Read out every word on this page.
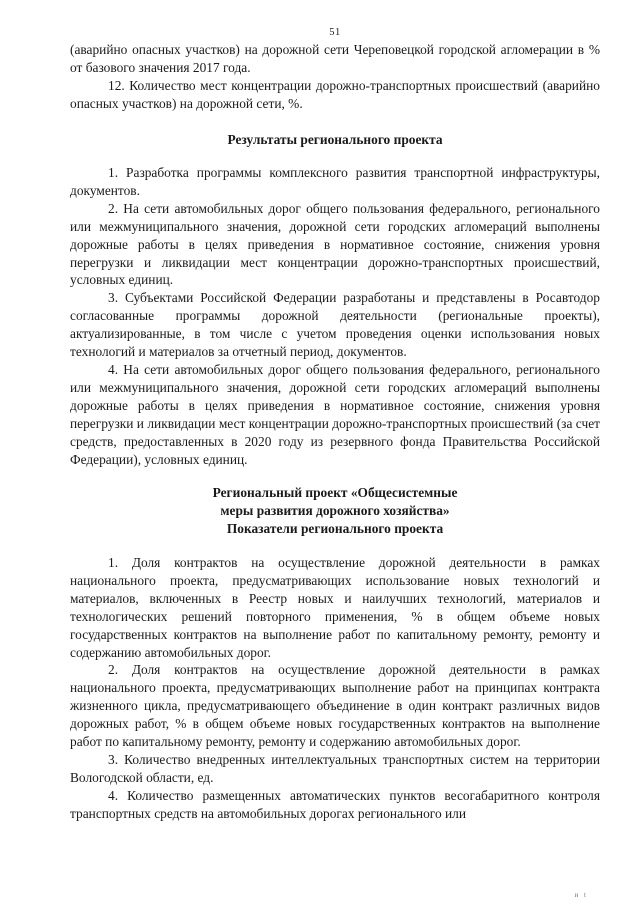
51

(аварийно опасных участков) на дорожной сети Череповецкой городской агломерации в % от базового значения 2017 года.

12. Количество мест концентрации дорожно-транспортных происшествий (аварийно опасных участков) на дорожной сети, %.

Результаты регионального проекта

1. Разработка программы комплексного развития транспортной инфраструктуры, документов.

2. На сети автомобильных дорог общего пользования федерального, регионального или межмуниципального значения, дорожной сети городских агломераций выполнены дорожные работы в целях приведения в нормативное состояние, снижения уровня перегрузки и ликвидации мест концентрации дорожно-транспортных происшествий, условных единиц.

3. Субъектами Российской Федерации разработаны и представлены в Росавтодор согласованные программы дорожной деятельности (региональные проекты), актуализированные, в том числе с учетом проведения оценки использования новых технологий и материалов за отчетный период, документов.

4. На сети автомобильных дорог общего пользования федерального, регионального или межмуниципального значения, дорожной сети городских агломераций выполнены дорожные работы в целях приведения в нормативное состояние, снижения уровня перегрузки и ликвидации мест концентрации дорожно-транспортных происшествий (за счет средств, предоставленных в 2020 году из резервного фонда Правительства Российской Федерации), условных единиц.

Региональный проект «Общесистемные

меры развития дорожного хозяйства»

Показатели регионального проекта

1. Доля контрактов на осуществление дорожной деятельности в рамках национального проекта, предусматривающих использование новых технологий и материалов, включенных в Реестр новых и наилучших технологий, материалов и технологических решений повторного применения, % в общем объеме новых государственных контрактов на выполнение работ по капитальному ремонту, ремонту и содержанию автомобильных дорог.

2. Доля контрактов на осуществление дорожной деятельности в рамках национального проекта, предусматривающих выполнение работ на принципах контракта жизненного цикла, предусматривающего объединение в один контракт различных видов дорожных работ, % в общем объеме новых государственных контрактов на выполнение работ по капитальному ремонту, ремонту и содержанию автомобильных дорог.

3. Количество внедренных интеллектуальных транспортных систем на территории Вологодской области, ед.

4. Количество размещенных автоматических пунктов весогабаритного контроля транспортных средств на автомобильных дорогах регионального или

и t
